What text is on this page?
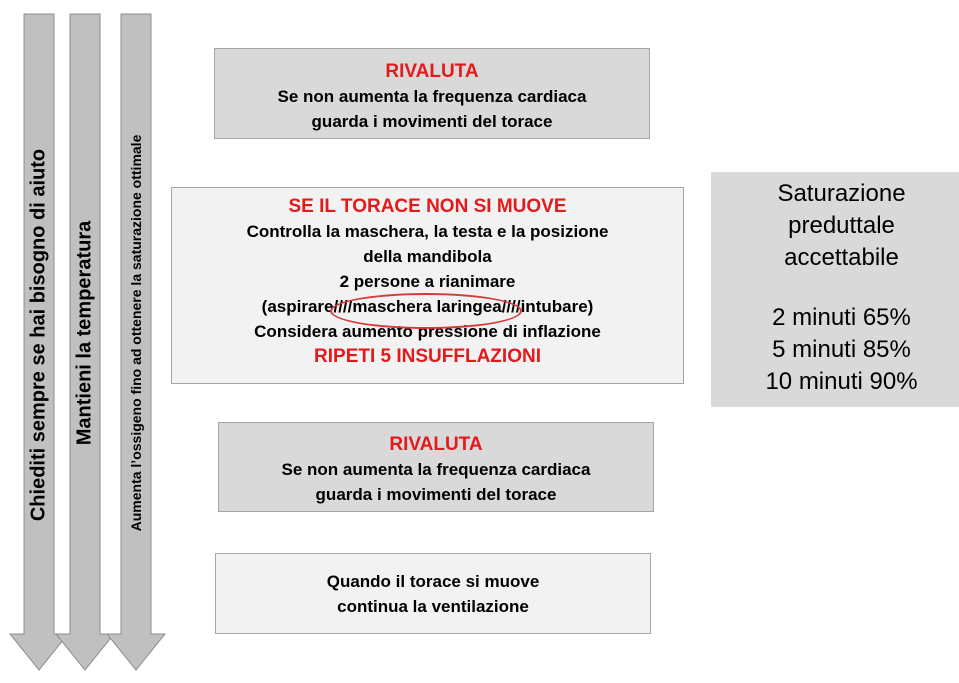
Chiediti sempre se hai bisogno di aiuto Mantieni la temperatura Aumenta l’ossigeno fino ad ottenere la saturazione ottimale
RIVALUTA
Se non aumenta la frequenza cardiaca
guarda i movimenti del torace
SE IL TORACE NON SI MUOVE
Controlla la maschera, la testa e la posizione
della mandibola
2 persone a rianimare
(aspirare////maschera laringea////intubare)
Considera aumento pressione di inflazione
RIPETI 5 INSUFFLAZIONI
RIVALUTA
Se non aumenta la frequenza cardiaca
guarda i movimenti del torace
Quando il torace si muove
continua la ventilazione
Saturazione
preduttale
accettabile
2 minuti 65%
5 minuti 85%
10 minuti 90%
